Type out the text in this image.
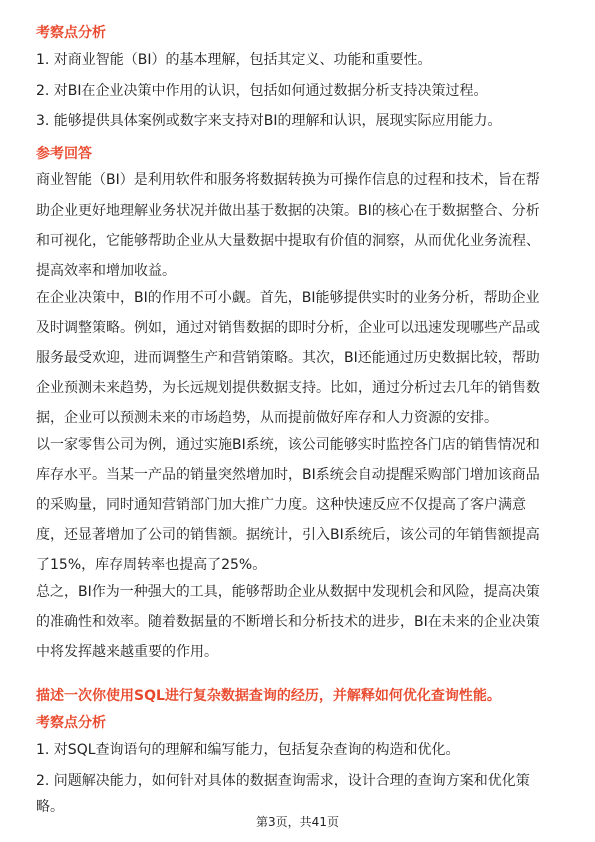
考察点分析
1. 对商业智能（BI）的基本理解，包括其定义、功能和重要性。
2. 对BI在企业决策中作用的认识，包括如何通过数据分析支持决策过程。
3. 能够提供具体案例或数字来支持对BI的理解和认识，展现实际应用能力。
参考回答
商业智能（BI）是利用软件和服务将数据转换为可操作信息的过程和技术，旨在帮
助企业更好地理解业务状况并做出基于数据的决策。BI的核心在于数据整合、分析
和可视化，它能够帮助企业从大量数据中提取有价值的洞察，从而优化业务流程、
提高效率和增加收益。
在企业决策中，BI的作用不可小觑。首先，BI能够提供实时的业务分析，帮助企业
及时调整策略。例如，通过对销售数据的即时分析，企业可以迅速发现哪些产品或
服务最受欢迎，进而调整生产和营销策略。其次，BI还能通过历史数据比较，帮助
企业预测未来趋势，为长远规划提供数据支持。比如，通过分析过去几年的销售数
据，企业可以预测未来的市场趋势，从而提前做好库存和人力资源的安排。
以一家零售公司为例，通过实施BI系统，该公司能够实时监控各门店的销售情况和
库存水平。当某一产品的销量突然增加时，BI系统会自动提醒采购部门增加该商品
的采购量，同时通知营销部门加大推广力度。这种快速反应不仅提高了客户满意
度，还显著增加了公司的销售额。据统计，引入BI系统后，该公司的年销售额提高
了15%，库存周转率也提高了25%。
总之，BI作为一种强大的工具，能够帮助企业从数据中发现机会和风险，提高决策
的准确性和效率。随着数据量的不断增长和分析技术的进步，BI在未来的企业决策
中将发挥越来越重要的作用。
描述一次你使用SQL进行复杂数据查询的经历，并解释如何优化查询性能。
考察点分析
1. 对SQL查询语句的理解和编写能力，包括复杂查询的构造和优化。
2. 问题解决能力，如何针对具体的数据查询需求，设计合理的查询方案和优化策
略。
第3页，共41页
